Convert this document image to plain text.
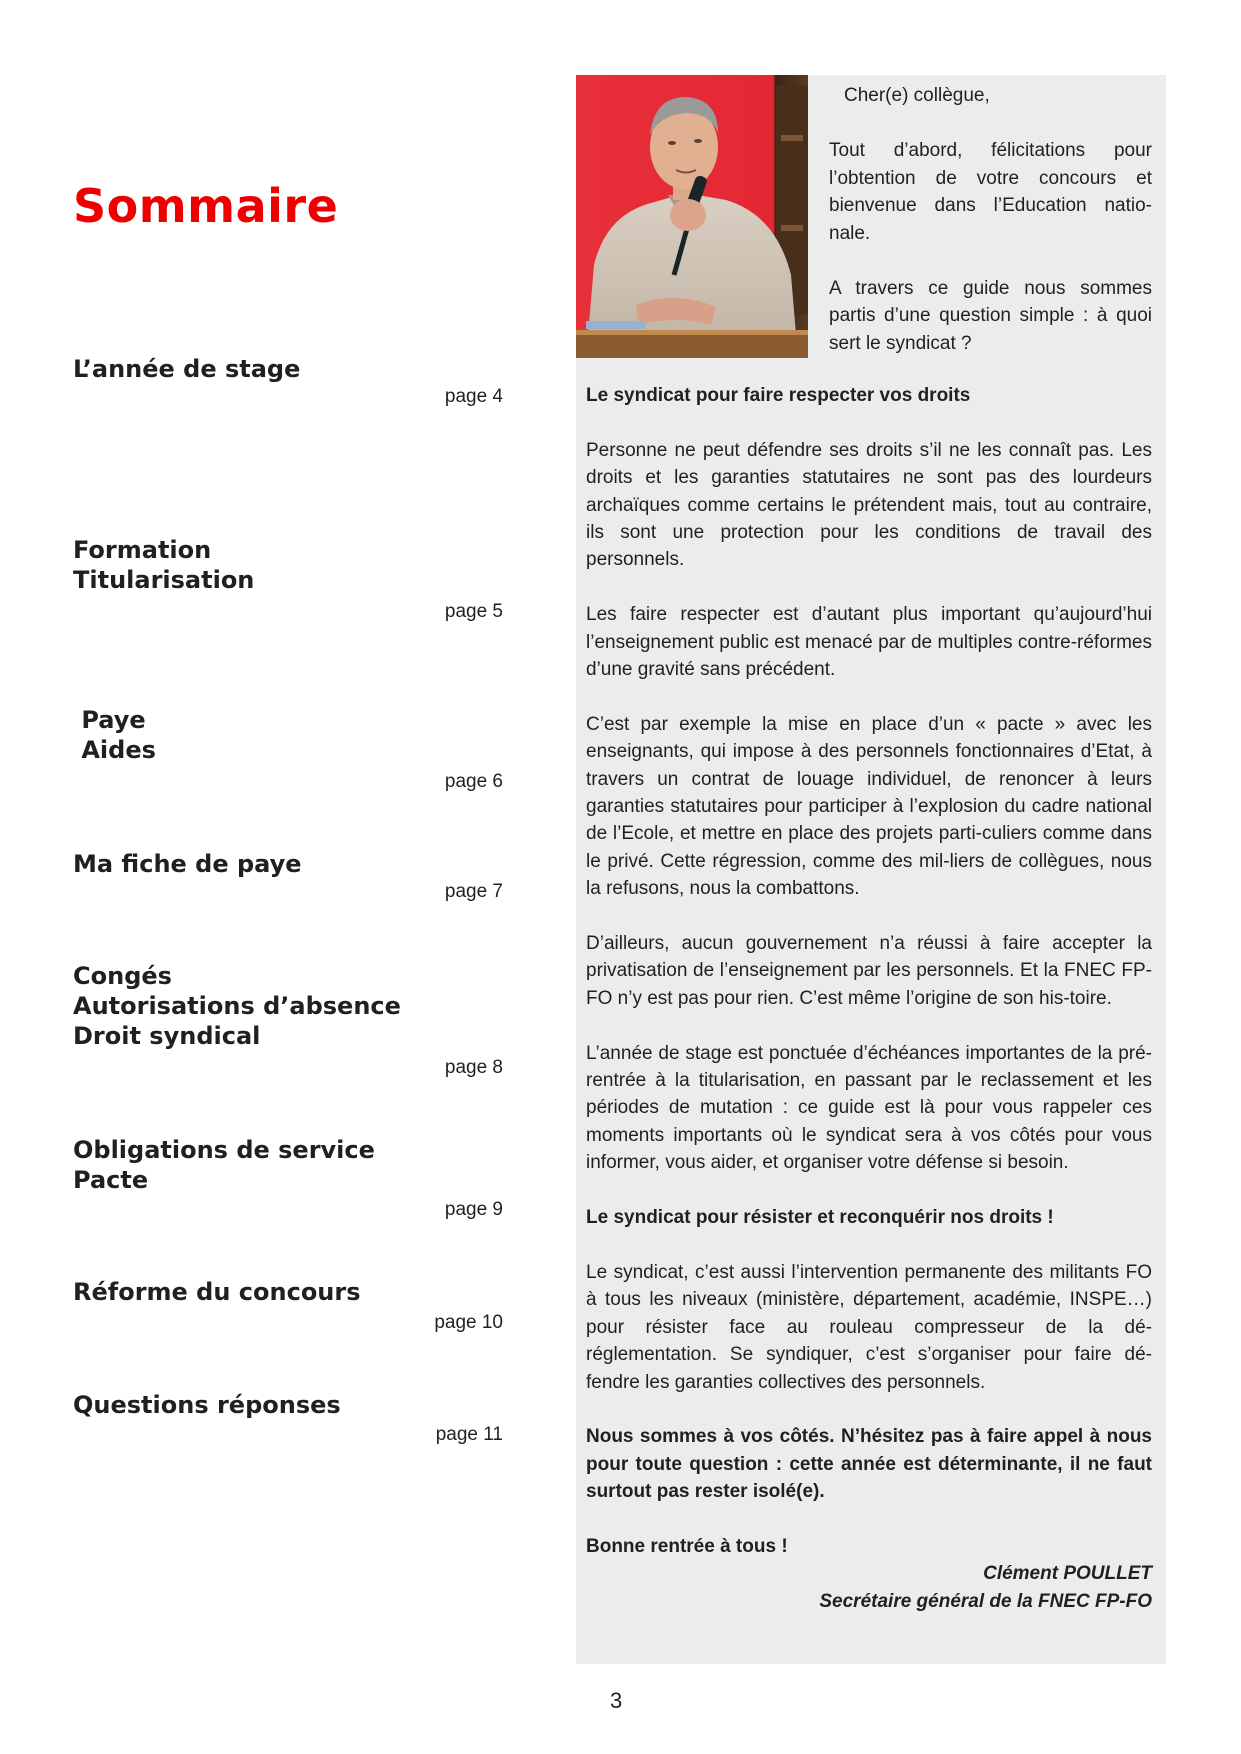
Sommaire
L’année de stage
page 4
Formation
Titularisation
page 5
Paye
Aides
page 6
Ma fiche de paye
page 7
Congés
Autorisations d’absence
Droit syndical
page 8
Obligations de service
Pacte
page 9
Réforme du concours
page 10
Questions réponses
page 11

Cher(e) collègue,

Tout d’abord, félicitations pour l’obtention de votre concours et bienvenue dans l’Education natio-nale.

A travers ce guide nous sommes partis d’une question simple : à quoi sert le syndicat ?

Le syndicat pour faire respecter vos droits

Personne ne peut défendre ses droits s’il ne les connaît pas. Les droits et les garanties statutaires ne sont pas des lourdeurs archaïques comme certains le prétendent mais, tout au contraire, ils sont une protection pour les conditions de travail des personnels.

Les faire respecter est d’autant plus important qu’aujourd’hui l’enseignement public est menacé par de multiples contre-réformes d’une gravité sans précédent.

C’est par exemple la mise en place d’un « pacte » avec les enseignants, qui impose à des personnels fonctionnaires d’Etat, à travers un contrat de louage individuel, de renoncer à leurs garanties statutaires pour participer à l’explosion du cadre national de l’Ecole, et mettre en place des projets parti-culiers comme dans le privé. Cette régression, comme des mil-liers de collègues, nous la refusons, nous la combattons.

D’ailleurs, aucun gouvernement n’a réussi à faire accepter la privatisation de l’enseignement par les personnels. Et la FNEC FP-FO n’y est pas pour rien. C’est même l’origine de son his-toire.

L’année de stage est ponctuée d’échéances importantes de la pré-rentrée à la titularisation, en passant par le reclassement et les périodes de mutation : ce guide est là pour vous rappeler ces moments importants où le syndicat sera à vos côtés pour vous informer, vous aider, et organiser votre défense si besoin.

Le syndicat pour résister et reconquérir nos droits !

Le syndicat, c’est aussi l’intervention permanente des militants FO à tous les niveaux (ministère, département, académie, INSPE…) pour résister face au rouleau compresseur de la dé-réglementation. Se syndiquer, c’est s’organiser pour faire dé-fendre les garanties collectives des personnels.

Nous sommes à vos côtés. N’hésitez pas à faire appel à nous pour toute question : cette année est déterminante, il ne faut surtout pas rester isolé(e).

Bonne rentrée à tous !

Clément POULLET

Secrétaire général de la FNEC FP-FO

3
